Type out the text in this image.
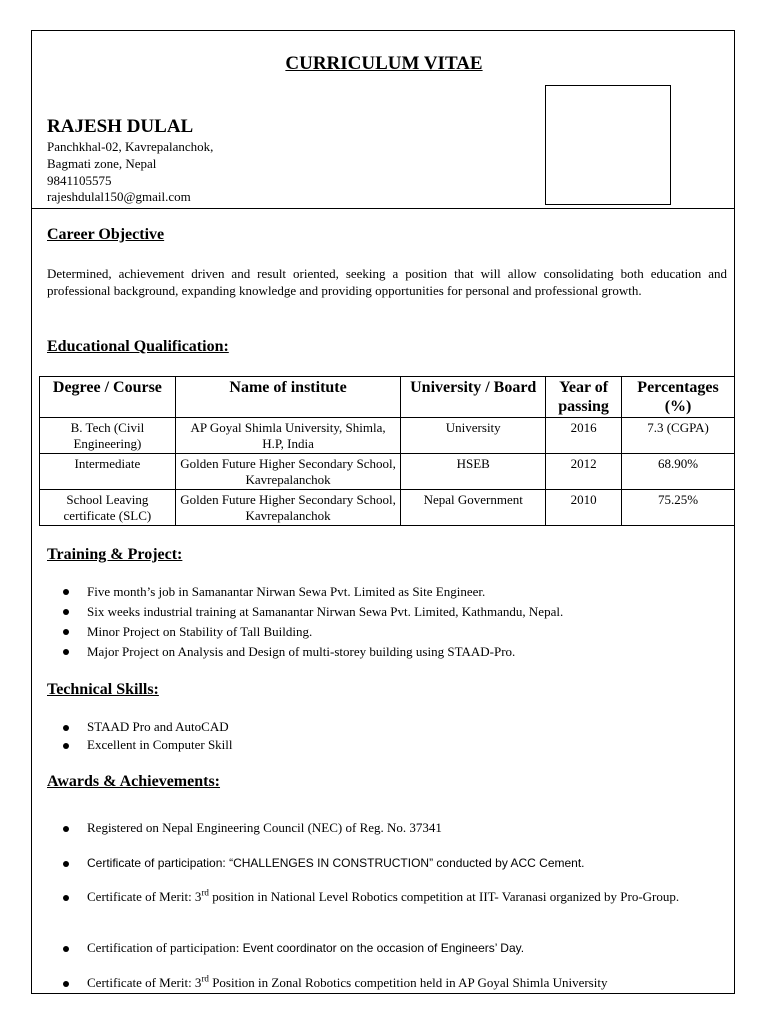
CURRICULUM VITAE
RAJESH DULAL
Panchkhal-02, Kavrepalanchok,
Bagmati zone, Nepal
9841105575
rajeshdulal150@gmail.com
Career Objective
Determined, achievement driven and result oriented, seeking a position that will allow consolidating both education and professional background, expanding knowledge and providing opportunities for personal and professional growth.
Educational Qualification:
Degree / Course	Name of institute	University / Board	Year of passing	Percentages (%)
B. Tech (Civil Engineering)	AP Goyal Shimla University, Shimla, H.P, India	University	2016	7.3 (CGPA)
Intermediate	Golden Future Higher Secondary School, Kavrepalanchok	HSEB	2012	68.90%
School Leaving certificate (SLC)	Golden Future Higher Secondary School, Kavrepalanchok	Nepal Government	2010	75.25%
Training & Project:
Five month’s job in Samanantar Nirwan Sewa Pvt. Limited as Site Engineer.
Six weeks industrial training at Samanantar Nirwan Sewa Pvt. Limited, Kathmandu, Nepal.
Minor Project on Stability of Tall Building.
Major Project on Analysis and Design of multi-storey building using STAAD-Pro.
Technical Skills:
STAAD Pro and AutoCAD
Excellent in Computer Skill
Awards & Achievements:
Registered on Nepal Engineering Council (NEC) of Reg. No. 37341
Certificate of participation: “CHALLENGES IN CONSTRUCTION” conducted by ACC Cement.
Certificate of Merit: 3rd position in National Level Robotics competition at IIT- Varanasi organized by Pro-Group.
Certification of participation: Event coordinator on the occasion of Engineers’ Day.
Certificate of Merit: 3rd Position in Zonal Robotics competition held in AP Goyal Shimla University
